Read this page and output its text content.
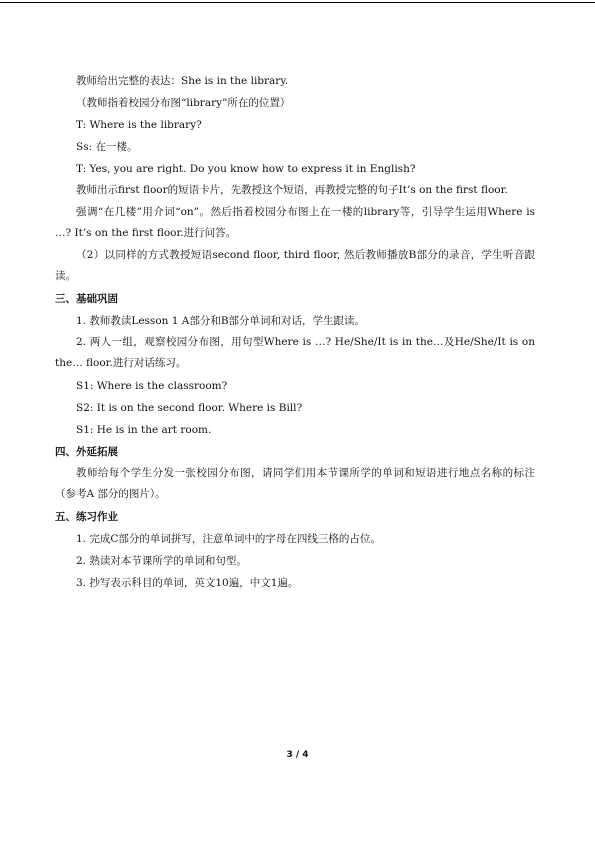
教师给出完整的表达：She is in the library.

（教师指着校园分布图“library”所在的位置）

T: Where is the library?

Ss: 在一楼。

T: Yes, you are right. Do you know how to express it in English?

教师出示first floor的短语卡片，先教授这个短语，再教授完整的句子It’s on the first floor.

强调“在几楼”用介词“on”。然后指着校园分布图上在一楼的library等，引导学生运用Where is …? It’s on the first floor.进行问答。

（2）以同样的方式教授短语second floor, third floor, 然后教师播放B部分的录音，学生听音跟读。

三、基础巩固

1. 教师教读Lesson 1 A部分和B部分单词和对话，学生跟读。

2. 两人一组，观察校园分布图，用句型Where is …? He/She/It is in the…及He/She/It is on the… floor.进行对话练习。

S1: Where is the classroom?

S2: It is on the second floor. Where is Bill?

S1: He is in the art room.

四、外延拓展

教师给每个学生分发一张校园分布图，请同学们用本节课所学的单词和短语进行地点名称的标注（参考A 部分的图片）。

五、练习作业

1. 完成C部分的单词拼写，注意单词中的字母在四线三格的占位。

2. 熟读对本节课所学的单词和句型。

3. 抄写表示科目的单词，英文10遍，中文1遍。

3 / 4
